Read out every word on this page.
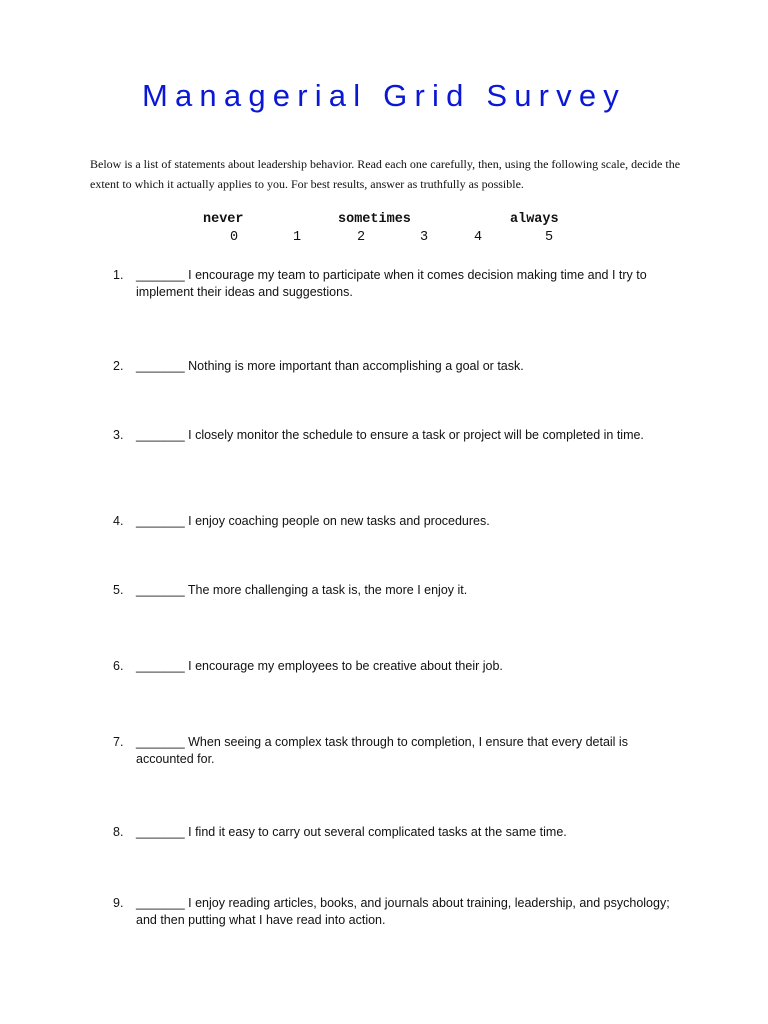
Managerial Grid Survey

Below is a list of statements about leadership behavior. Read each one carefully, then, using the following scale, decide the extent to which it actually applies to you. For best results, answer as truthfully as possible.

never	sometimes	always
0	1	2	3	4	5
1.	_______ I encourage my team to participate when it comes decision making time and I try to implement their ideas and suggestions.
2.	_______ Nothing is more important than accomplishing a goal or task.
3.	_______ I closely monitor the schedule to ensure a task or project will be completed in time.
4.	_______ I enjoy coaching people on new tasks and procedures.
5.	_______ The more challenging a task is, the more I enjoy it.
6.	_______ I encourage my employees to be creative about their job.
7.	_______ When seeing a complex task through to completion, I ensure that every detail is accounted for.
8.	_______ I find it easy to carry out several complicated tasks at the same time.
9.	_______ I enjoy reading articles, books, and journals about training, leadership, and psychology; and then putting what I have read into action.
